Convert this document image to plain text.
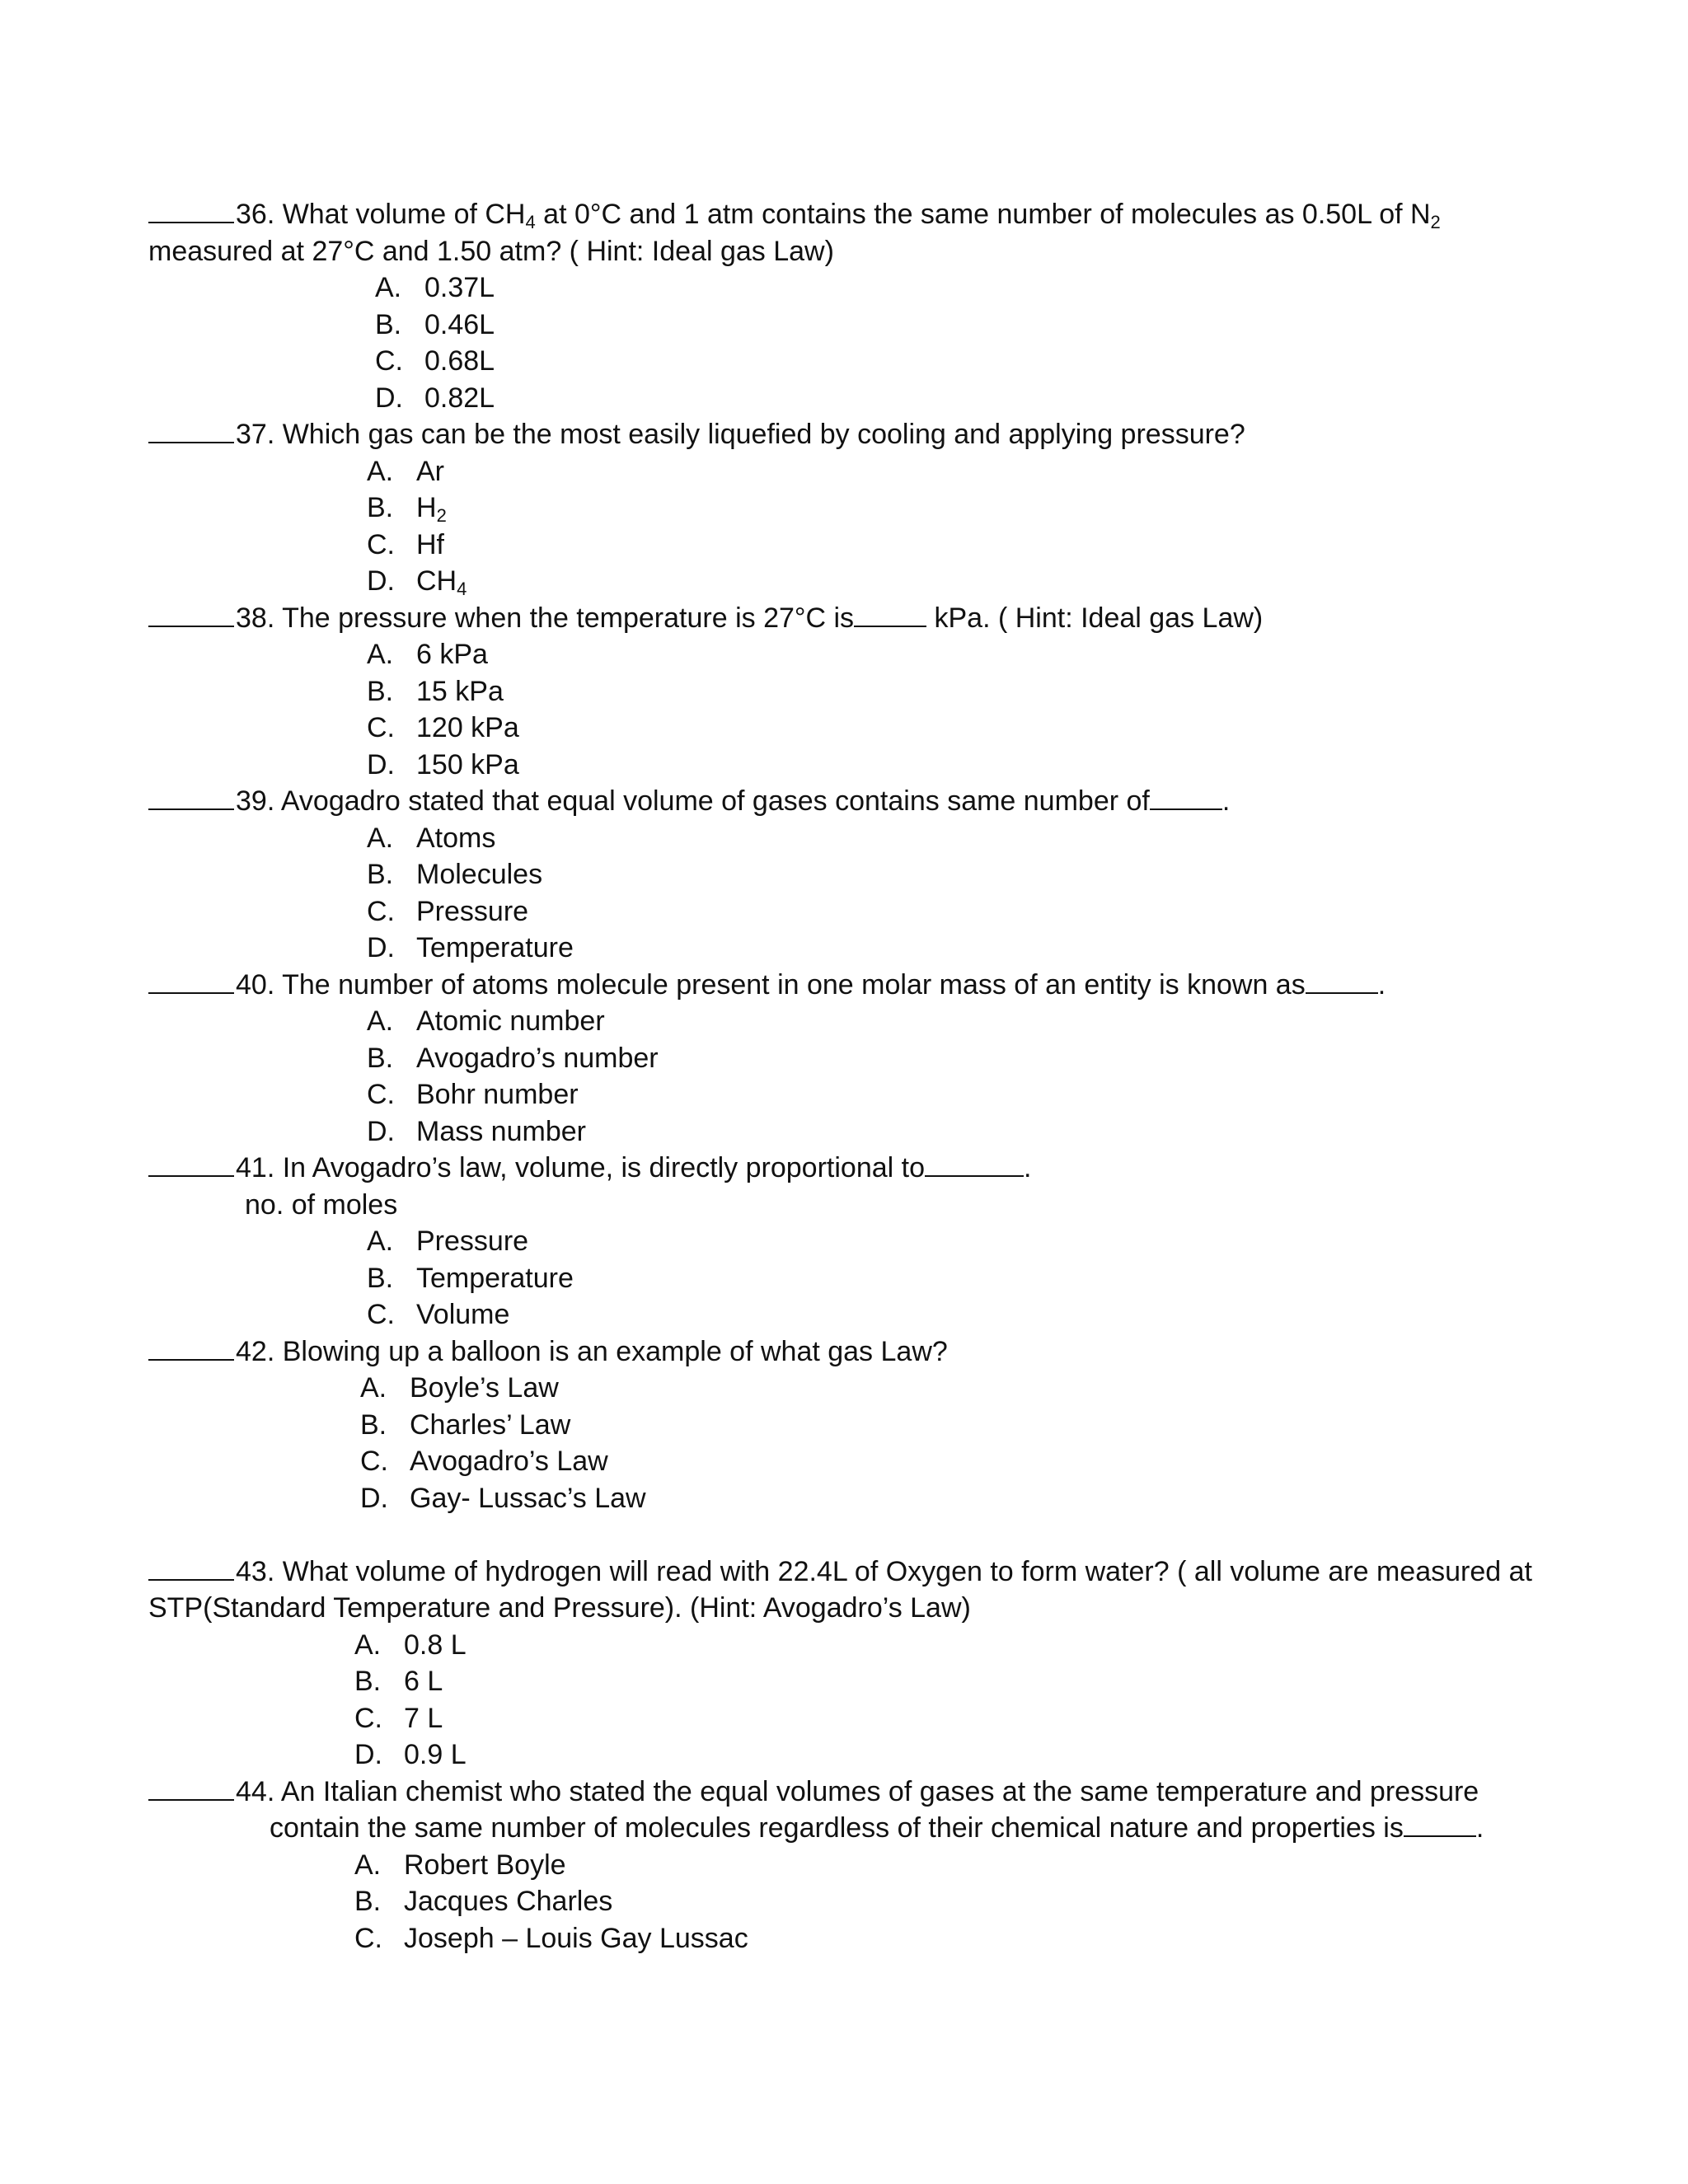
36. What volume of $CH_4$ at 0°C and 1 atm contains the same number of molecules as 0.50L of $N_2$
measured at 27°C and 1.50 atm? ( Hint: Ideal gas Law)
A. 0.37L
B. 0.46L
C. 0.68L
D. 0.82L
37. Which gas can be the most easily liquefied by cooling and applying pressure?
A. Ar
B. $H_2$
C. Hf
D. $CH_4$
38. The pressure when the temperature is 27°C is	kPa. ( Hint: Ideal gas Law)
A. 6 kPa
B. 15 kPa
C. 120 kPa
D. 150 kPa
39. Avogadro stated that equal volume of gases contains same number of	.
A. Atoms
B. Molecules
C. Pressure
D. Temperature
40. The number of atoms molecule present in one molar mass of an entity is known as	.
A. Atomic number
B. Avogadro’s number
C. Bohr number
D. Mass number
41. In Avogadro’s law, volume, is directly proportional to	.
no. of moles
A. Pressure
B. Temperature
C. Volume
42. Blowing up a balloon is an example of what gas Law?
A. Boyle’s Law
B. Charles’ Law
C. Avogadro’s Law
D. Gay- Lussac’s Law
43. What volume of hydrogen will read with 22.4L of Oxygen to form water? ( all volume are measured at
STP(Standard Temperature and Pressure). (Hint: Avogadro’s Law)
A. 0.8 L
B. 6 L
C. 7 L
D. 0.9 L
44. An Italian chemist who stated the equal volumes of gases at the same temperature and pressure
contain the same number of molecules regardless of their chemical nature and properties is	.
A. Robert Boyle
B. Jacques Charles
C. Joseph – Louis Gay Lussac
